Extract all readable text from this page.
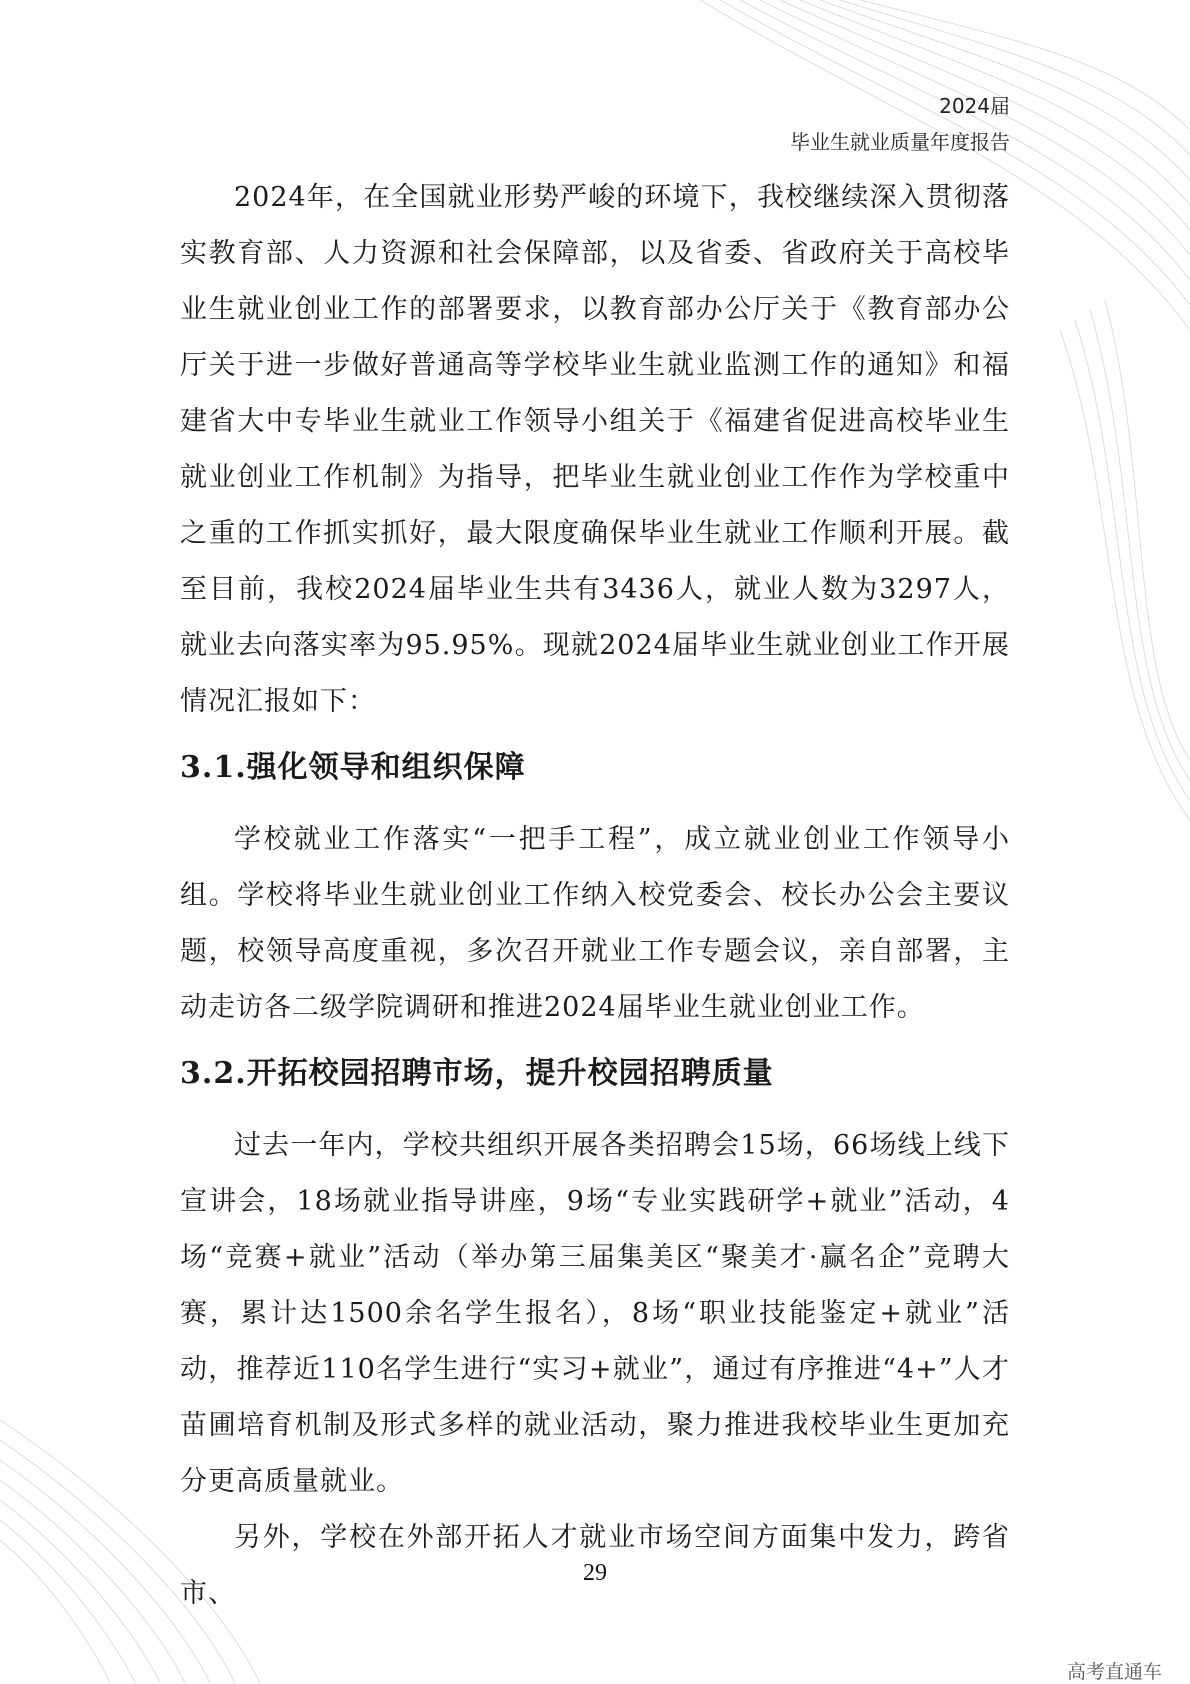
2024届
毕业生就业质量年度报告

2024年，在全国就业形势严峻的环境下，我校继续深入贯彻落实教育部、人力资源和社会保障部，以及省委、省政府关于高校毕业生就业创业工作的部署要求，以教育部办公厅关于《教育部办公厅关于进一步做好普通高等学校毕业生就业监测工作的通知》和福建省大中专毕业生就业工作领导小组关于《福建省促进高校毕业生就业创业工作机制》为指导，把毕业生就业创业工作作为学校重中之重的工作抓实抓好，最大限度确保毕业生就业工作顺利开展。截至目前，我校2024届毕业生共有3436人，就业人数为3297人，就业去向落实率为95.95%。现就2024届毕业生就业创业工作开展情况汇报如下：

3.1.强化领导和组织保障

学校就业工作落实“一把手工程”，成立就业创业工作领导小组。学校将毕业生就业创业工作纳入校党委会、校长办公会主要议题，校领导高度重视，多次召开就业工作专题会议，亲自部署，主动走访各二级学院调研和推进2024届毕业生就业创业工作。

3.2.开拓校园招聘市场，提升校园招聘质量

过去一年内，学校共组织开展各类招聘会15场，66场线上线下宣讲会，18场就业指导讲座，9场“专业实践研学+就业”活动，4场“竞赛+就业”活动（举办第三届集美区“聚美才·赢名企”竞聘大赛，累计达1500余名学生报名），8场“职业技能鉴定+就业”活动，推荐近110名学生进行“实习+就业”，通过有序推进“4+”人才苗圃培育机制及形式多样的就业活动，聚力推进我校毕业生更加充分更高质量就业。

另外，学校在外部开拓人才就业市场空间方面集中发力，跨省市、

29
高考直通车
